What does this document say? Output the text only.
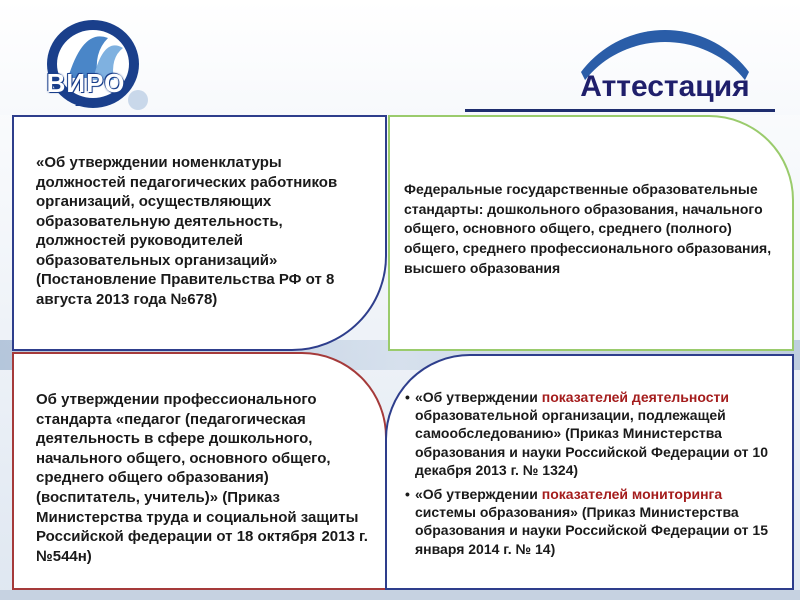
ВИРО
1938	Аттестация
«Об утверждении номенклатуры должностей педагогических работников организаций, осуществляющих образовательную деятельность, должностей руководителей образовательных организаций» (Постановление Правительства РФ от 8 августа 2013 года №678)
Федеральные государственные образовательные стандарты: дошкольного образования, начального общего, основного общего, среднего (полного) общего, среднего профессионального образования, высшего образования
Об утверждении профессионального стандарта «педагог (педагогическая деятельность в сфере дошкольного, начального общего, основного общего, среднего общего образования) (воспитатель, учитель)» (Приказ Министерства труда и социальной защиты Российской федерации от 18 октября 2013 г. №544н)
• «Об утверждении показателей деятельности образовательной организации, подлежащей самообследованию» (Приказ Министерства образования и науки Российской Федерации от 10 декабря 2013 г. № 1324)
• «Об утверждении показателей мониторинга системы образования» (Приказ Министерства образования и науки Российской Федерации от 15 января 2014 г. № 14)
